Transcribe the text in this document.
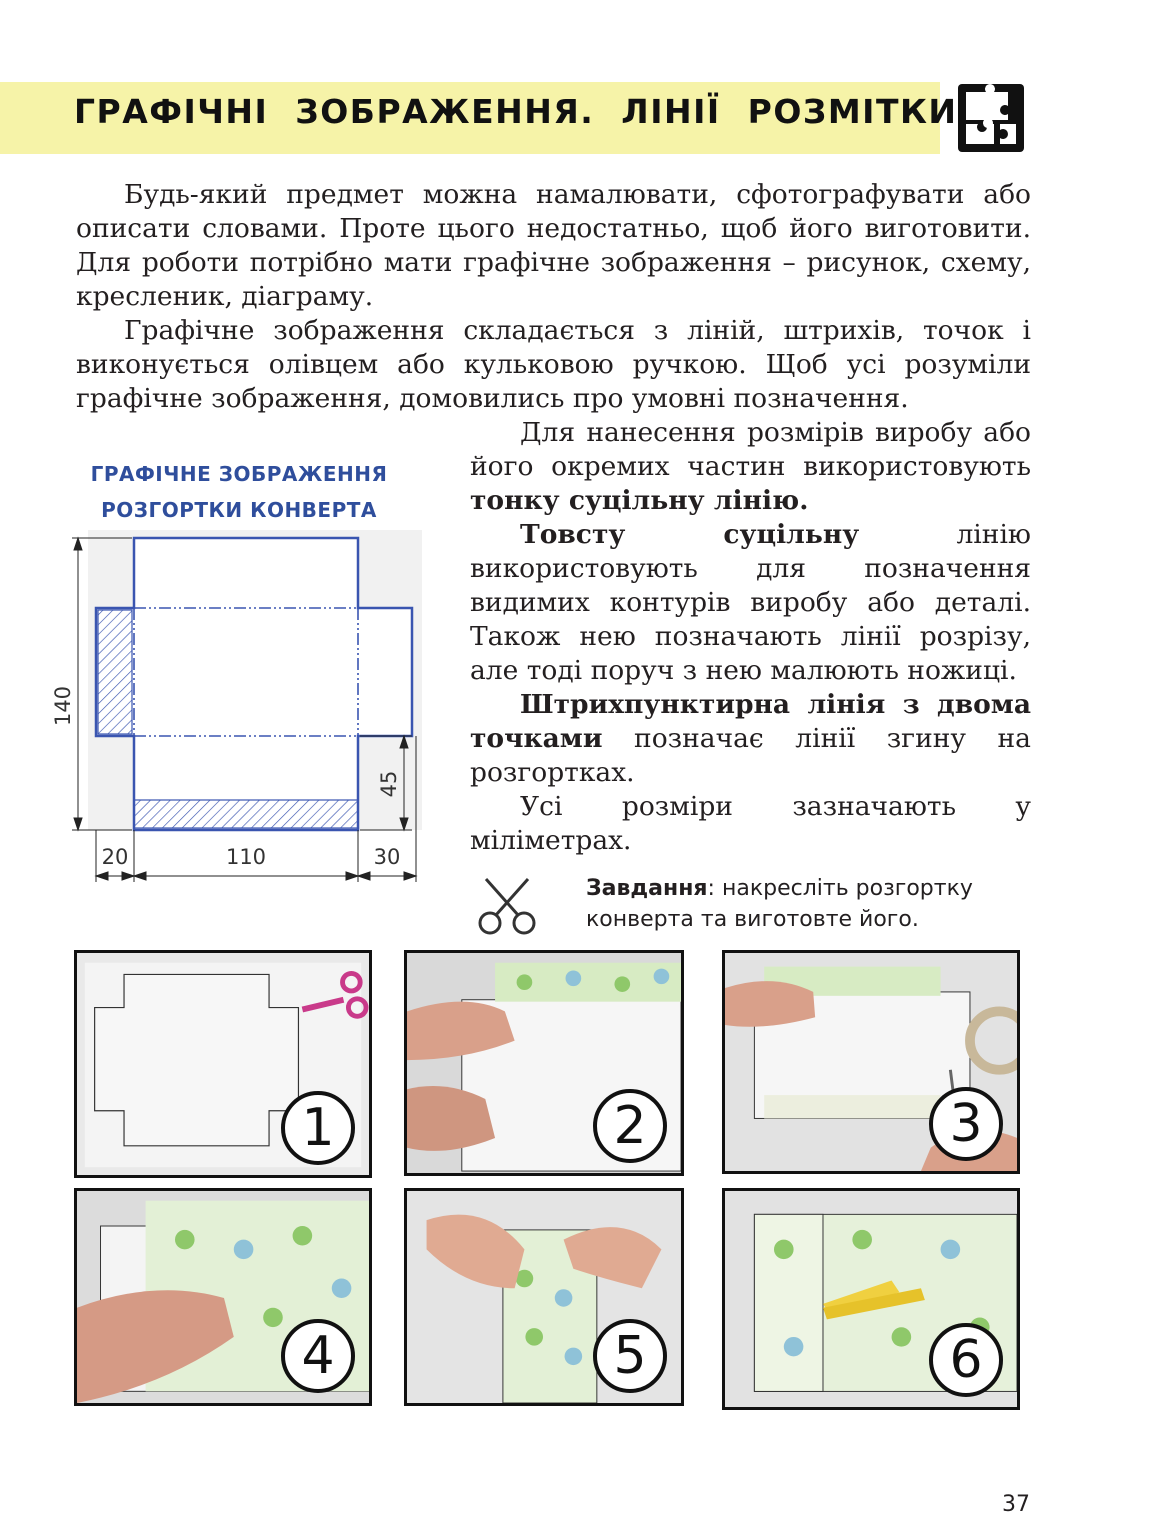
ГРАФІЧНІ ЗОБРАЖЕННЯ. ЛІНІЇ РОЗМІТКИ

Будь-який предмет можна намалювати, сфотографувати або описати словами. Проте цього недостатньо, щоб його виготовити. Для роботи потрібно мати графічне зображення – рисунок, схему, кресленик, діаграму.

Графічне зображення складається з ліній, штрихів, точок і виконується олівцем або кульковою ручкою. Щоб усі розуміли графічне зображення, домовились про умовні позначення.

ГРАФІЧНЕ ЗОБРАЖЕННЯ
РОЗГОРТКИ КОНВЕРТА
140
45
20	110	30

Для нанесення розмірів виробу або його окремих частин використовують тонку суцільну лінію.

Товсту суцільну	лінію використовують для позначення видимих контурів виробу або деталі. Також нею позначають лінії розрізу, але тоді поруч з нею малюють ножиці.

Штрихпунктирна лінія з двома точками позначає лінії згину на розгортках.

Усі розміри зазначають у міліметрах.

Завдання: накресліть розгортку конверта та виготовте його.
1	2	3
4	5	6
37
